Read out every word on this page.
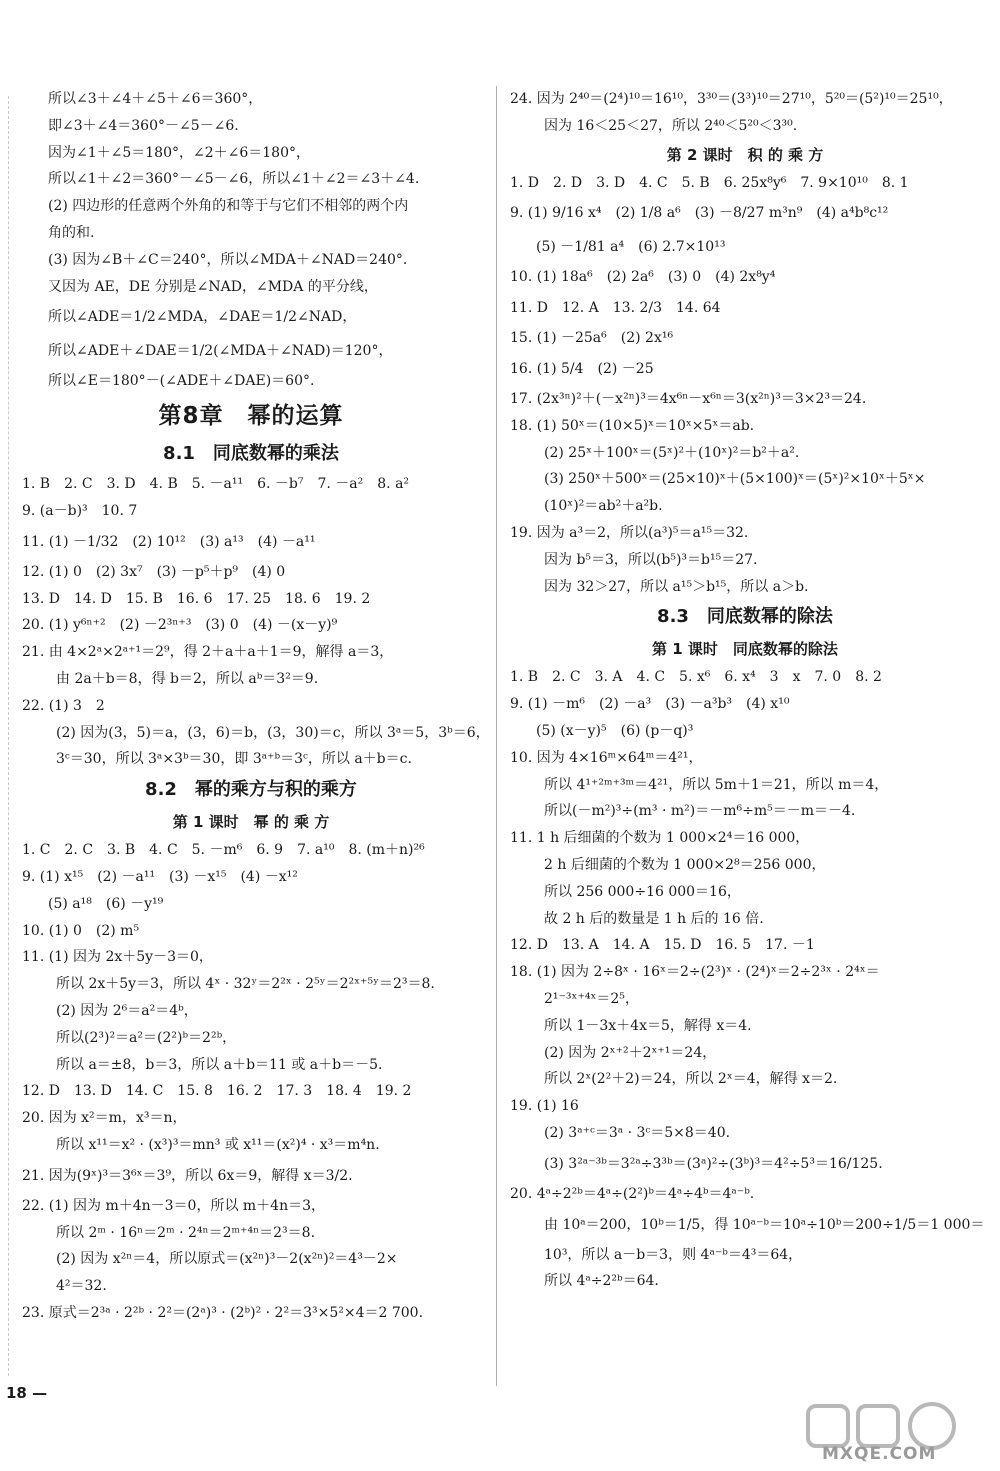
所以∠3＋∠4＋∠5＋∠6＝360°，
即∠3＋∠4＝360°－∠5－∠6.
因为∠1＋∠5＝180°，∠2＋∠6＝180°，
所以∠1＋∠2＝360°－∠5－∠6，所以∠1＋∠2＝∠3＋∠4.
(2) 四边形的任意两个外角的和等于与它们不相邻的两个内
角的和.
(3) 因为∠B＋∠C＝240°，所以∠MDA＋∠NAD＝240°.
又因为 AE，DE 分别是∠NAD，∠MDA 的平分线，
所以∠ADE＝1/2∠MDA，∠DAE＝1/2∠NAD，
所以∠ADE＋∠DAE＝1/2(∠MDA＋∠NAD)＝120°，
所以∠E＝180°－(∠ADE＋∠DAE)＝60°.
第8章　幂的运算
8.1　同底数幂的乘法
1. B　2. C　3. D　4. B　5. －a¹¹　6. －b⁷　7. －a²　8. a²
9. (a－b)³　10. 7
11. (1) －1/32　(2) 10¹²　(3) a¹³　(4) －a¹¹
12. (1) 0　(2) 3x⁷　(3) －p⁵＋p⁹　(4) 0
13. D　14. D　15. B　16. 6　17. 25　18. 6　19. 2
20. (1) y⁶ⁿ⁺²　(2) －2³ⁿ⁺³　(3) 0　(4) －(x－y)⁹
21. 由 4×2ᵃ×2ᵃ⁺¹＝2⁹，得 2＋a＋a＋1＝9，解得 a＝3，
由 2a＋b＝8，得 b＝2，所以 aᵇ＝3²＝9.
22. (1) 3　2
(2) 因为(3，5)＝a，(3，6)＝b，(3，30)＝c，所以 3ᵃ＝5，3ᵇ＝6，
3ᶜ＝30，所以 3ᵃ×3ᵇ＝30，即 3ᵃ⁺ᵇ＝3ᶜ，所以 a＋b＝c.
8.2　幂的乘方与积的乘方
第 1 课时　幂 的 乘 方
1. C　2. C　3. B　4. C　5. －m⁶　6. 9　7. a¹⁰　8. (m＋n)²⁶
9. (1) x¹⁵　(2) －a¹¹　(3) －x¹⁵　(4) －x¹²
(5) a¹⁸　(6) －y¹⁹
10. (1) 0　(2) m⁵
11. (1) 因为 2x＋5y－3＝0，
所以 2x＋5y＝3，所以 4ˣ · 32ʸ＝2²ˣ · 2⁵ʸ＝2²ˣ⁺⁵ʸ＝2³＝8.
(2) 因为 2⁶＝a²＝4ᵇ，
所以(2³)²＝a²＝(2²)ᵇ＝2²ᵇ，
所以 a＝±8，b＝3，所以 a＋b＝11 或 a＋b＝－5.
12. D　13. D　14. C　15. 8　16. 2　17. 3　18. 4　19. 2
20. 因为 x²＝m，x³＝n，
所以 x¹¹＝x² · (x³)³＝mn³ 或 x¹¹＝(x²)⁴ · x³＝m⁴n.
21. 因为(9ˣ)³＝3⁶ˣ＝3⁹，所以 6x＝9，解得 x＝3/2.
22. (1) 因为 m＋4n－3＝0，所以 m＋4n＝3，
所以 2ᵐ · 16ⁿ＝2ᵐ · 2⁴ⁿ＝2ᵐ⁺⁴ⁿ＝2³＝8.
(2) 因为 x²ⁿ＝4，所以原式＝(x²ⁿ)³－2(x²ⁿ)²＝4³－2×
4²＝32.
23. 原式＝2³ᵃ · 2²ᵇ · 2²＝(2ᵃ)³ · (2ᵇ)² · 2²＝3³×5²×4＝2 700.
24. 因为 2⁴⁰＝(2⁴)¹⁰＝16¹⁰，3³⁰＝(3³)¹⁰＝27¹⁰，5²⁰＝(5²)¹⁰＝25¹⁰，
因为 16＜25＜27，所以 2⁴⁰＜5²⁰＜3³⁰.
第 2 课时　积 的 乘 方
1. D　2. D　3. D　4. C　5. B　6. 25x⁸y⁶　7. 9×10¹⁰　8. 1
9. (1) 9/16 x⁴　(2) 1/8 a⁶　(3) －8/27 m³n⁹　(4) a⁴b⁸c¹²
(5) －1/81 a⁴　(6) 2.7×10¹³
10. (1) 18a⁶　(2) 2a⁶　(3) 0　(4) 2x⁸y⁴
11. D　12. A　13. 2/3　14. 64
15. (1) －25a⁶　(2) 2x¹⁶
16. (1) 5/4　(2) －25
17. (2x³ⁿ)²＋(－x²ⁿ)³＝4x⁶ⁿ－x⁶ⁿ＝3(x²ⁿ)³＝3×2³＝24.
18. (1) 50ˣ＝(10×5)ˣ＝10ˣ×5ˣ＝ab.
(2) 25ˣ＋100ˣ＝(5ˣ)²＋(10ˣ)²＝b²＋a².
(3) 250ˣ＋500ˣ＝(25×10)ˣ＋(5×100)ˣ＝(5ˣ)²×10ˣ＋5ˣ×
(10ˣ)²＝ab²＋a²b.
19. 因为 a³＝2，所以(a³)⁵＝a¹⁵＝32.
因为 b⁵＝3，所以(b⁵)³＝b¹⁵＝27.
因为 32＞27，所以 a¹⁵＞b¹⁵，所以 a＞b.
8.3　同底数幂的除法
第 1 课时　同底数幂的除法
1. B　2. C　3. A　4. C　5. x⁶　6. x⁴　3　x　7. 0　8. 2
9. (1) －m⁶　(2) －a³　(3) －a³b³　(4) x¹⁰
(5) (x－y)⁵　(6) (p－q)³
10. 因为 4×16ᵐ×64ᵐ＝4²¹，
所以 4¹⁺²ᵐ⁺³ᵐ＝4²¹，所以 5m＋1＝21，所以 m＝4，
所以(－m²)³÷(m³ · m²)＝－m⁶÷m⁵＝－m＝－4.
11. 1 h 后细菌的个数为 1 000×2⁴＝16 000，
2 h 后细菌的个数为 1 000×2⁸＝256 000，
所以 256 000÷16 000＝16，
故 2 h 后的数量是 1 h 后的 16 倍.
12. D　13. A　14. A　15. D　16. 5　17. －1
18. (1) 因为 2÷8ˣ · 16ˣ＝2÷(2³)ˣ · (2⁴)ˣ＝2÷2³ˣ · 2⁴ˣ＝
2¹⁻³ˣ⁺⁴ˣ＝2⁵，
所以 1－3x＋4x＝5，解得 x＝4.
(2) 因为 2ˣ⁺²＋2ˣ⁺¹＝24，
所以 2ˣ(2²＋2)＝24，所以 2ˣ＝4，解得 x＝2.
19. (1) 16
(2) 3ᵃ⁺ᶜ＝3ᵃ · 3ᶜ＝5×8＝40.
(3) 3²ᵃ⁻³ᵇ＝3²ᵃ÷3³ᵇ＝(3ᵃ)²÷(3ᵇ)³＝4²÷5³＝16/125.
20. 4ᵃ÷2²ᵇ＝4ᵃ÷(2²)ᵇ＝4ᵃ÷4ᵇ＝4ᵃ⁻ᵇ.
由 10ᵃ＝200，10ᵇ＝1/5，得 10ᵃ⁻ᵇ＝10ᵃ÷10ᵇ＝200÷1/5＝1 000＝
10³，所以 a－b＝3，则 4ᵃ⁻ᵇ＝4³＝64，
所以 4ᵃ÷2²ᵇ＝64.
18 —
MXQE.COM
